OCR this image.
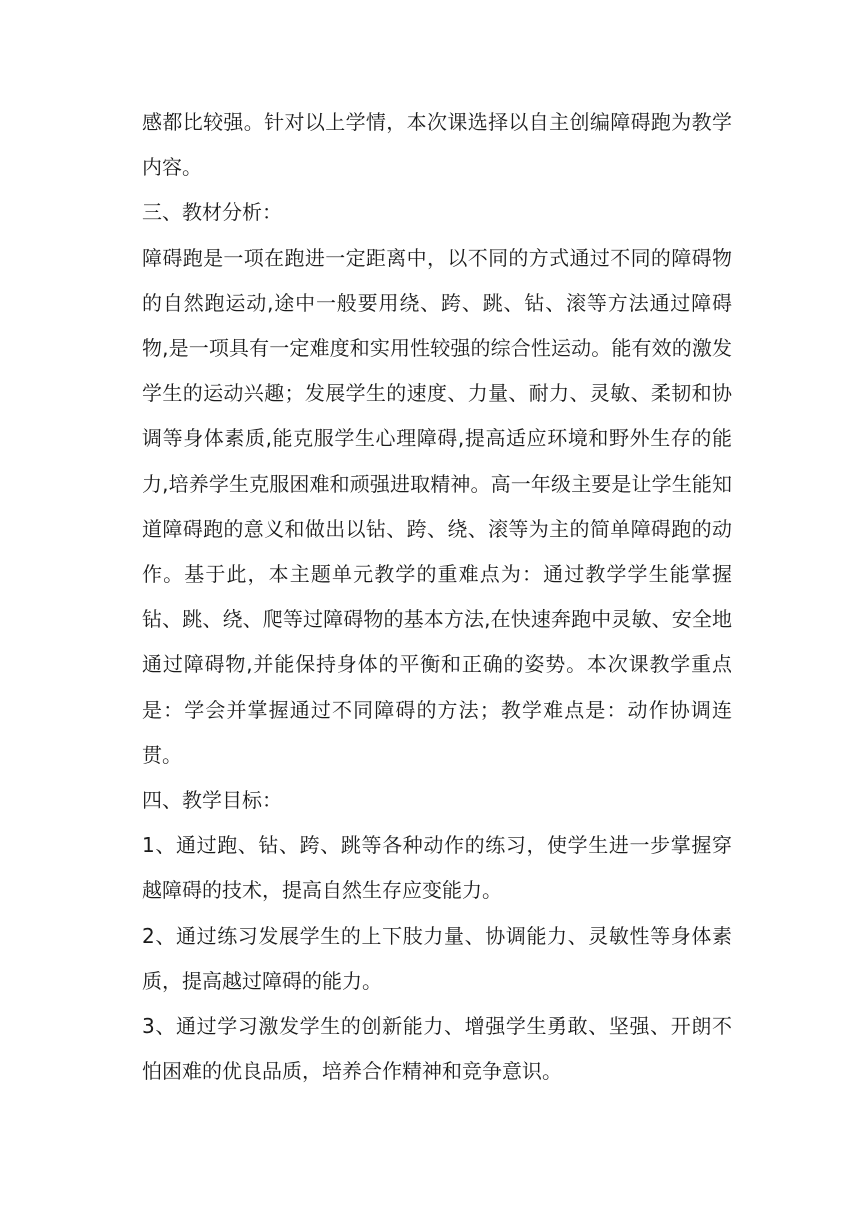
感都比较强。针对以上学情，本次课选择以自主创编障碍跑为教学内容。

三、教材分析：

障碍跑是一项在跑进一定距离中，以不同的方式通过不同的障碍物的自然跑运动,途中一般要用绕、跨、跳、钻、滚等方法通过障碍物,是一项具有一定难度和实用性较强的综合性运动。能有效的激发学生的运动兴趣；发展学生的速度、力量、耐力、灵敏、柔韧和协调等身体素质,能克服学生心理障碍,提高适应环境和野外生存的能力,培养学生克服困难和顽强进取精神。高一年级主要是让学生能知道障碍跑的意义和做出以钻、跨、绕、滚等为主的简单障碍跑的动作。基于此，本主题单元教学的重难点为：通过教学学生能掌握钻、跳、绕、爬等过障碍物的基本方法,在快速奔跑中灵敏、安全地通过障碍物,并能保持身体的平衡和正确的姿势。本次课教学重点是：学会并掌握通过不同障碍的方法；教学难点是：动作协调连贯。

四、教学目标：

1、通过跑、钻、跨、跳等各种动作的练习，使学生进一步掌握穿越障碍的技术，提高自然生存应变能力。

2、通过练习发展学生的上下肢力量、协调能力、灵敏性等身体素质，提高越过障碍的能力。

3、通过学习激发学生的创新能力、增强学生勇敢、坚强、开朗不怕困难的优良品质，培养合作精神和竞争意识。
